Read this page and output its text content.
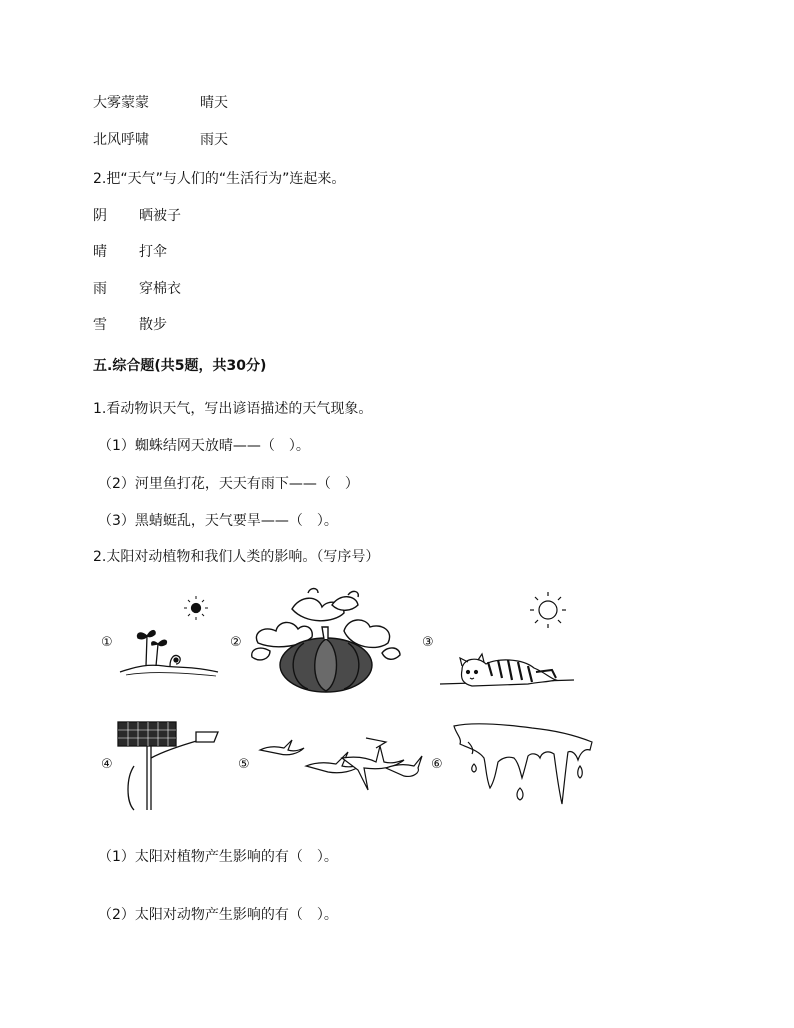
大雾蒙蒙	晴天
北风呼啸	雨天
2.把“天气”与人们的“生活行为”连起来。
阴 晒被子
晴 打伞
雨 穿棉衣
雪 散步
五.综合题(共5题，共30分)
1.看动物识天气，写出谚语描述的天气现象。
（1）蜘蛛结网天放晴——（　）。
（2）河里鱼打花，天天有雨下——（　）
（3）黑蜻蜓乱，天气要旱——（　）。
2.太阳对动植物和我们人类的影响。（写序号）
①	②	③
④	⑤	⑥
（1）太阳对植物产生影响的有（　）。
（2）太阳对动物产生影响的有（　）。
